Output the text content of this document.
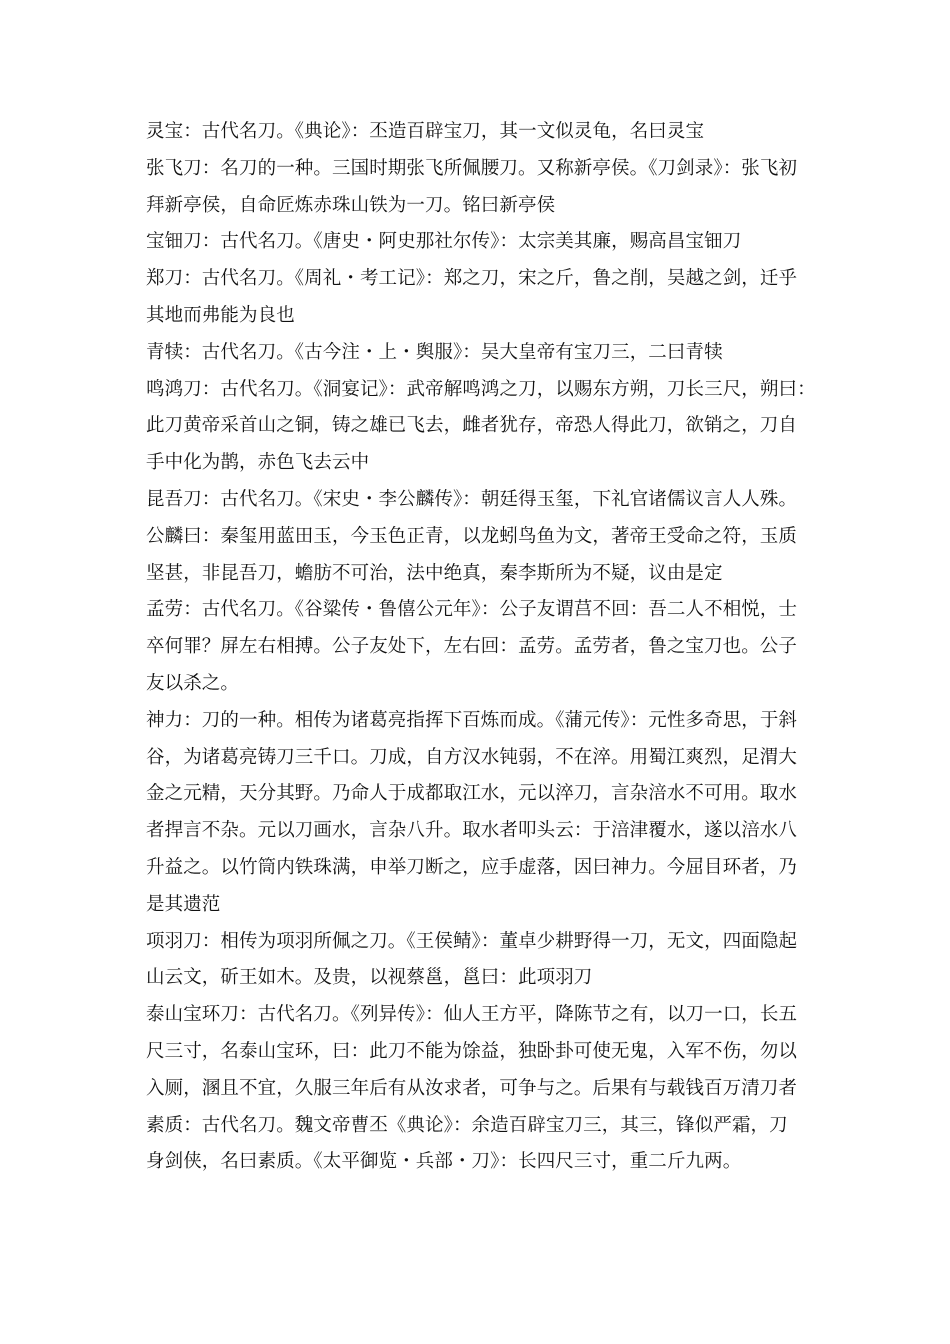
灵宝：古代名刀。《典论》：丕造百辟宝刀，其一文似灵龟，名曰灵宝
张飞刀：名刀的一种。三国时期张飞所佩腰刀。又称新亭侯。《刀剑录》：张飞初
拜新亭侯，自命匠炼赤珠山铁为一刀。铭曰新亭侯
宝钿刀：古代名刀。《唐史・阿史那社尔传》：太宗美其廉，赐高昌宝钿刀
郑刀：古代名刀。《周礼・考工记》：郑之刀，宋之斤，鲁之削，吴越之剑，迁乎
其地而弗能为良也
青犊：古代名刀。《古今注・上・舆服》：吴大皇帝有宝刀三，二曰青犊
鸣鸿刀：古代名刀。《洞宴记》：武帝解鸣鸿之刀，以赐东方朔，刀长三尺，朔曰：
此刀黄帝采首山之铜，铸之雄已飞去，雌者犹存，帝恐人得此刀，欲销之，刀自
手中化为鹊，赤色飞去云中
昆吾刀：古代名刀。《宋史・李公麟传》：朝廷得玉玺，下礼官诸儒议言人人殊。
公麟曰：秦玺用蓝田玉，今玉色正青，以龙蚓鸟鱼为文，著帝王受命之符，玉质
坚甚，非昆吾刀，蟾肪不可治，法中绝真，秦李斯所为不疑，议由是定
孟劳：古代名刀。《谷粱传・鲁僖公元年》：公子友谓莒不回：吾二人不相悦，士
卒何罪？屏左右相搏。公子友处下，左右回：孟劳。孟劳者，鲁之宝刀也。公子
友以杀之。
神力：刀的一种。相传为诸葛亮指挥下百炼而成。《蒲元传》：元性多奇思，于斜
谷，为诸葛亮铸刀三千口。刀成，自方汉水钝弱，不在淬。用蜀江爽烈，足渭大
金之元精，天分其野。乃命人于成都取江水，元以淬刀，言杂涪水不可用。取水
者捍言不杂。元以刀画水，言杂八升。取水者叩头云：于涪津覆水，遂以涪水八
升益之。以竹筒内铁珠满，申举刀断之，应手虚落，因曰神力。今屈目环者，乃
是其遗范
项羽刀：相传为项羽所佩之刀。《王侯鲭》：董卓少耕野得一刀，无文，四面隐起
山云文，斫王如木。及贵，以视蔡邕，邕曰：此项羽刀
泰山宝环刀：古代名刀。《列异传》：仙人王方平，降陈节之有，以刀一口，长五
尺三寸，名泰山宝环，曰：此刀不能为馀益，独卧卦可使无鬼，入军不伤，勿以
入厕，溷且不宜，久服三年后有从汝求者，可争与之。后果有与载钱百万清刀者
素质：古代名刀。魏文帝曹丕《典论》：余造百辟宝刀三，其三，锋似严霜，刀
身剑侠，名曰素质。《太平御览・兵部・刀》：长四尺三寸，重二斤九两。
